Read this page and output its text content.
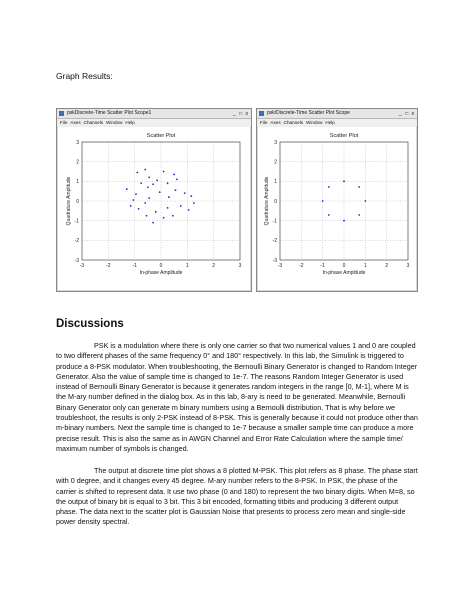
Graph Results:
pskDiscrete-Time Scatter Plot Scope1	_ □ x
File Axes Channels Window Help
Scatter Plot
-3	-2	-1	0	1	2	3
-3
-2
-1
0
1
2
3
In-phase Amplitude
Quadrature Amplitude
psk/Discrete-Time Scatter Plot Scope	_ □ x
File Axes Channels Window Help
Scatter Plot
-3	-2	-1	0	1	2	3
-3
-2
-1
0
1
2
3
In-phase Amplitude
Quadrature Amplitude
Discussions
PSK is a modulation where there is only one carrier so that two numerical values 1 and 0 are coupled to two different phases of the same frequency 0° and 180° respectively. In this lab, the Simulink is triggered to produce a 8-PSK modulator. When troubleshooting, the Bernoulli Binary Generator is changed to Random Integer Generator. Also the value of sample time is changed to 1e-7. The reasons Random Integer Generator is used instead of Bernoulli Binary Generator is because it generates random integers in the range [0, M-1], where M is the M-ary number defined in the dialog box. As in this lab, 8-ary is need to be generated. Meanwhile, Bernoulli Binary Generator only can generate m binary numbers using a Bernoulli distribution. That is why before we troubleshoot, the results is only 2-PSK instead of 8-PSK. This is generally because it could not produce other than m-binary numbers. Next the sample time is changed to 1e-7 because a smaller sample time can produce a more precise result. This is also the same as in AWGN Channel and Error Rate Calculation where the sample time/ maximum number of symbols is changed.
The output at discrete time plot shows a 8 plotted M-PSK. This plot refers as 8 phase. The phase start with 0 degree, and it changes every 45 degree. M-ary number refers to the 8-PSK. In PSK, the phase of the carrier is shifted to represent data. It use two phase (0 and 180) to represent the two binary digits. When M=8, so the output of binary bit is equal to 3 bit. This 3 bit encoded, formatting titbits and producing 3 different output phase. The data next to the scatter plot is Gaussian Noise that presents to process zero mean and single-side power density spectral.
